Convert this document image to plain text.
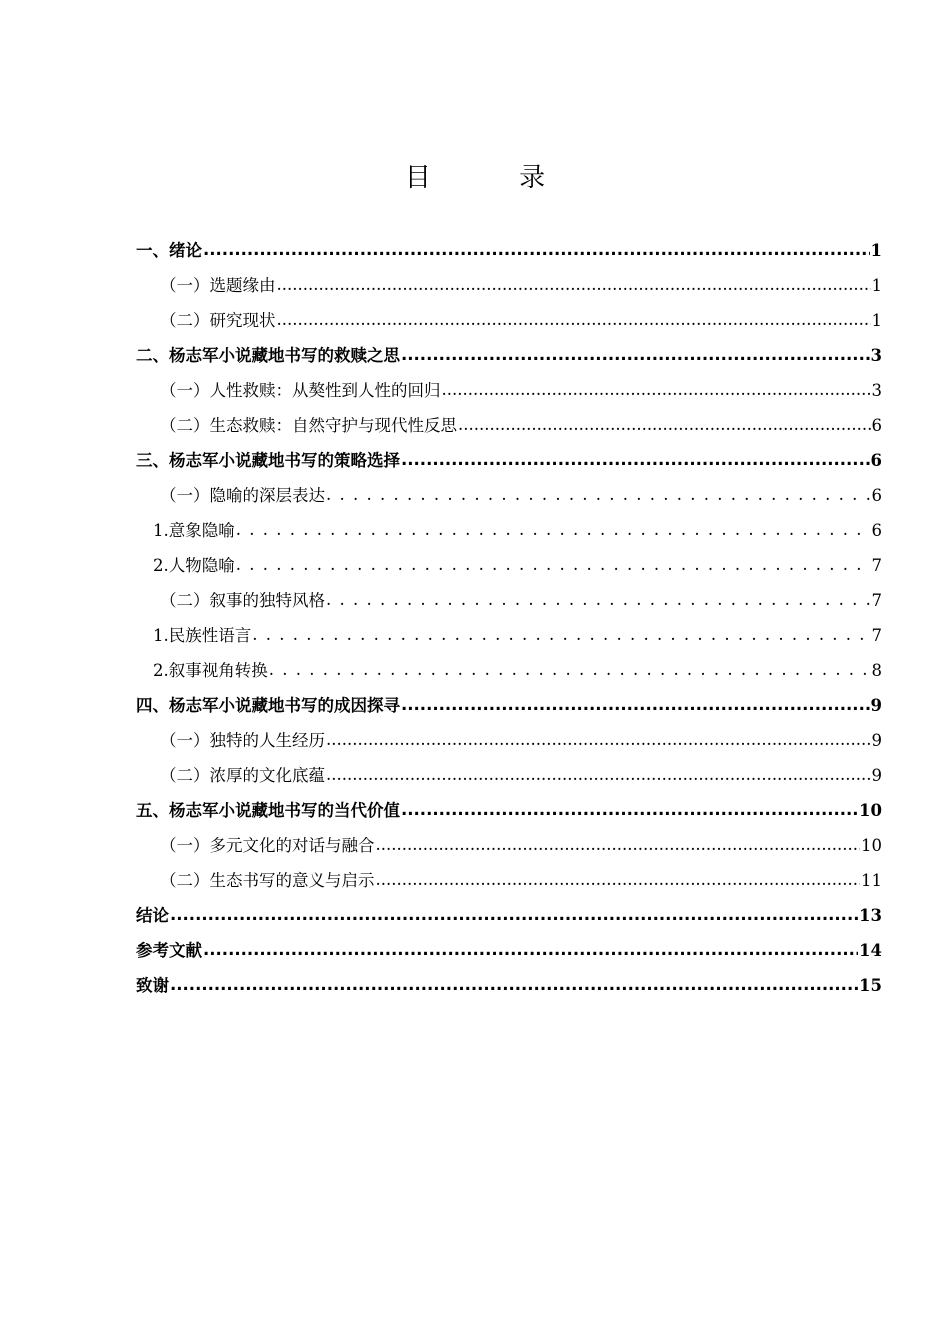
目 录
一、绪论 .....	1
（一）选题缘由 .....	1
（二）研究现状 .....	1
二、杨志军小说藏地书写的救赎之思 .....	3
（一）人性救赎：从獒性到人性的回归 .....	3
（二）生态救赎：自然守护与现代性反思 .....	6
三、杨志军小说藏地书写的策略选择 .....	6
（一）隐喻的深层表达 . . .	6
1.意象隐喻 . . .	6
2.人物隐喻 . . .	7
（二）叙事的独特风格 . . .	7
1.民族性语言 . . .	7
2.叙事视角转换 . . .	8
四、杨志军小说藏地书写的成因探寻 .....	9
（一）独特的人生经历 .....	9
（二）浓厚的文化底蕴 .....	9
五、杨志军小说藏地书写的当代价值 .....	10
（一）多元文化的对话与融合 .....	10
（二）生态书写的意义与启示 .....	11
结论 .....	13
参考文献 .....	14
致谢 .....	15
